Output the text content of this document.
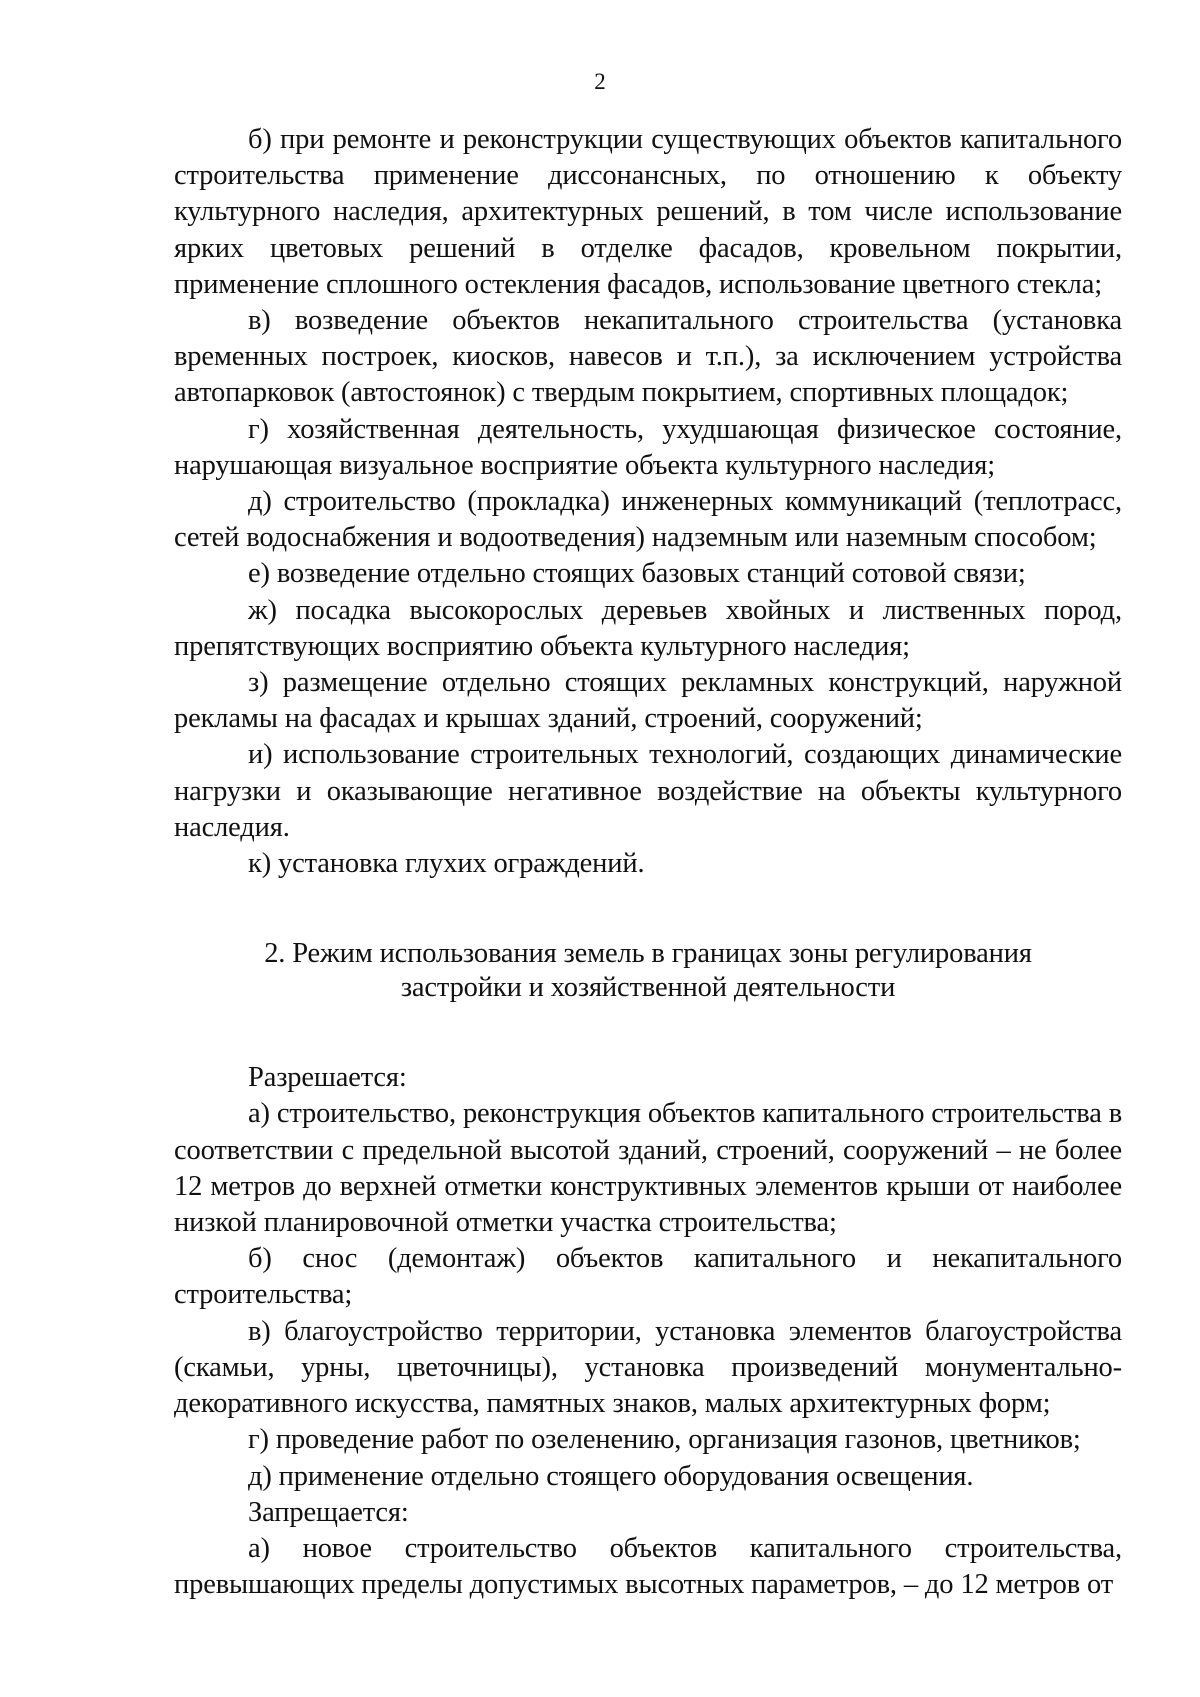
2

б) при ремонте и реконструкции существующих объектов капитального строительства применение диссонансных, по отношению к объекту культурного наследия, архитектурных решений, в том числе использование ярких цветовых решений в отделке фасадов, кровельном покрытии, применение сплошного остекления фасадов, использование цветного стекла;

в) возведение объектов некапитального строительства (установка временных построек, киосков, навесов и т.п.), за исключением устройства автопарковок (автостоянок) с твердым покрытием, спортивных площадок;

г) хозяйственная деятельность, ухудшающая физическое состояние, нарушающая визуальное восприятие объекта культурного наследия;

д) строительство (прокладка) инженерных коммуникаций (теплотрасс, сетей водоснабжения и водоотведения) надземным или наземным способом;

е) возведение отдельно стоящих базовых станций сотовой связи;

ж) посадка высокорослых деревьев хвойных и лиственных пород, препятствующих восприятию объекта культурного наследия;

з) размещение отдельно стоящих рекламных конструкций, наружной рекламы на фасадах и крышах зданий, строений, сооружений;

и) использование строительных технологий, создающих динамические нагрузки и оказывающие негативное воздействие на объекты культурного наследия.

к) установка глухих ограждений.

2. Режим использования земель в границах зоны регулирования
застройки и хозяйственной деятельности

Разрешается:

а) строительство, реконструкция объектов капитального строительства в соответствии с предельной высотой зданий, строений, сооружений – не более 12 метров до верхней отметки конструктивных элементов крыши от наиболее низкой планировочной отметки участка строительства;

б) снос (демонтаж) объектов капитального и некапитального строительства;

в) благоустройство территории, установка элементов благоустройства (скамьи, урны, цветочницы), установка произведений монументально-декоративного искусства, памятных знаков, малых архитектурных форм;

г) проведение работ по озеленению, организация газонов, цветников;

д) применение отдельно стоящего оборудования освещения.

Запрещается:

а) новое строительство объектов капитального строительства, превышающих пределы допустимых высотных параметров, – до 12 метров от
